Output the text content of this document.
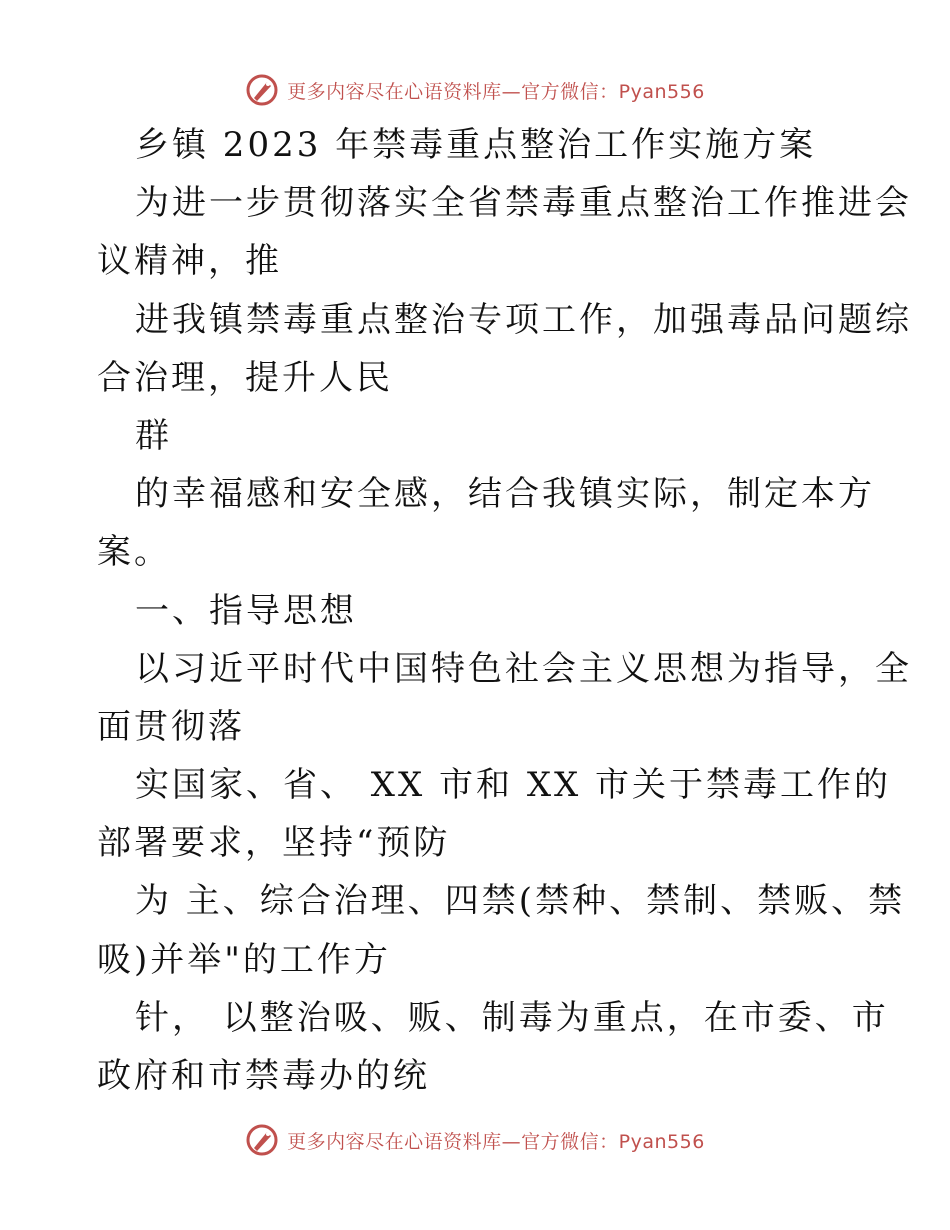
更多内容尽在心语资料库—官方微信：Pyan556
乡镇 2023 年禁毒重点整治工作实施方案
为进一步贯彻落实全省禁毒重点整治工作推进会
议精神，推
进我镇禁毒重点整治专项工作，加强毒品问题综
合治理，提升人民
群
的幸福感和安全感，结合我镇实际，制定本方
案。
一、指导思想
以习近平时代中国特色社会主义思想为指导，全
面贯彻落
实国家、省、 XX 市和 XX 市关于禁毒工作的
部署要求，坚持“预防
为 主、综合治理、四禁(禁种、禁制、禁贩、禁
吸)并举"的工作方
针， 以整治吸、贩、制毒为重点，在市委、市
政府和市禁毒办的统
更多内容尽在心语资料库—官方微信：Pyan556
